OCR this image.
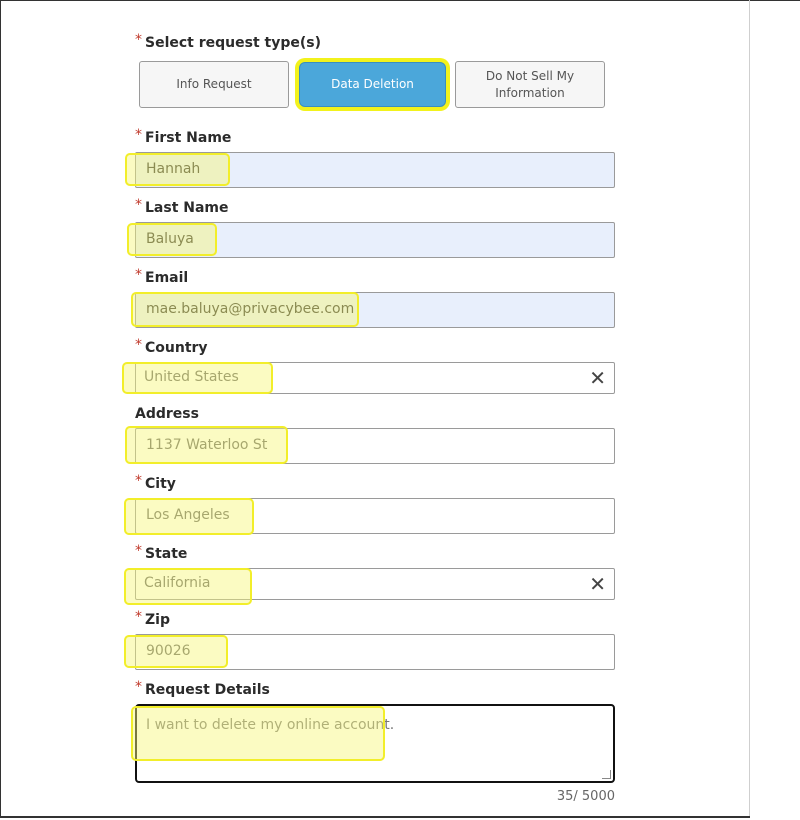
* Select request type(s)
Info Request	Data Deletion
Do Not Sell My Information
* First Name
Hannah
* Last Name
Baluya
* Email
mae.baluya@privacybee.com
* Country
United States	✕
Address
1137 Waterloo St
* City
Los Angeles
* State
California	✕
* Zip
90026
* Request Details
I want to delete my online account.
35/ 5000
